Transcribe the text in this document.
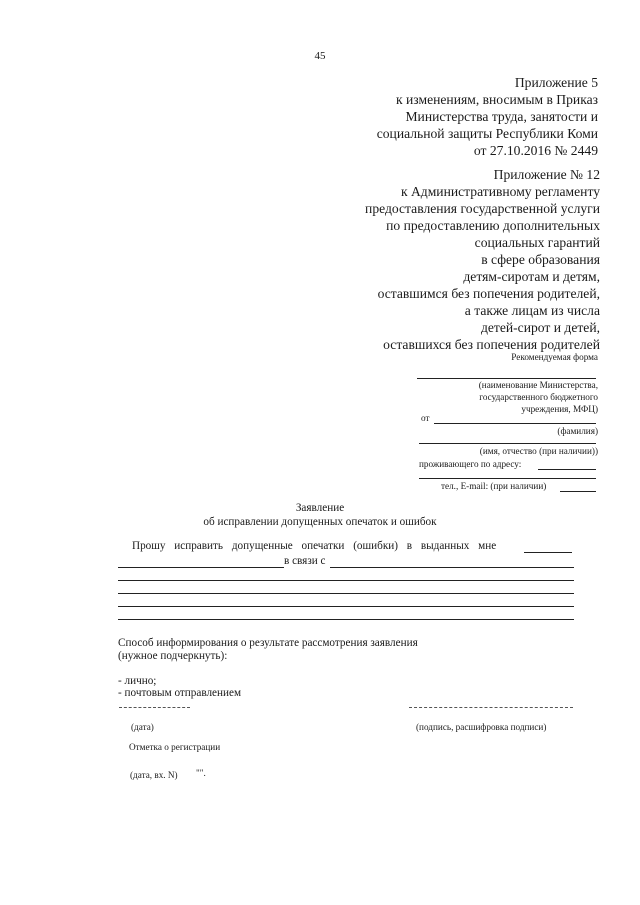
45
Приложение 5
к изменениям, вносимым в Приказ
Министерства труда, занятости и
социальной защиты Республики Коми
от 27.10.2016 № 2449
Приложение № 12
к Административному регламенту
предоставления государственной услуги
по предоставлению дополнительных
социальных гарантий
в сфере образования
детям-сиротам и детям,
оставшимся без попечения родителей,
а также лицам из числа
детей-сирот и детей,
оставшихся без попечения родителей
Рекомендуемая форма
(наименование Министерства,
государственного бюджетного
учреждения, МФЦ)
от
(фамилия)
(имя, отчество (при наличии))
проживающего по адресу:
тел., E-mail: (при наличии)
Заявление
об исправлении допущенных опечаток и ошибок
Прошу исправить допущенные опечатки (ошибки) в выданных мне
в связи с
Способ информирования о результате рассмотрения заявления
(нужное подчеркнуть):
- лично;
- почтовым отправлением
(дата)	(подпись, расшифровка подписи)
Отметка о регистрации
(дата, вх. N) "".
